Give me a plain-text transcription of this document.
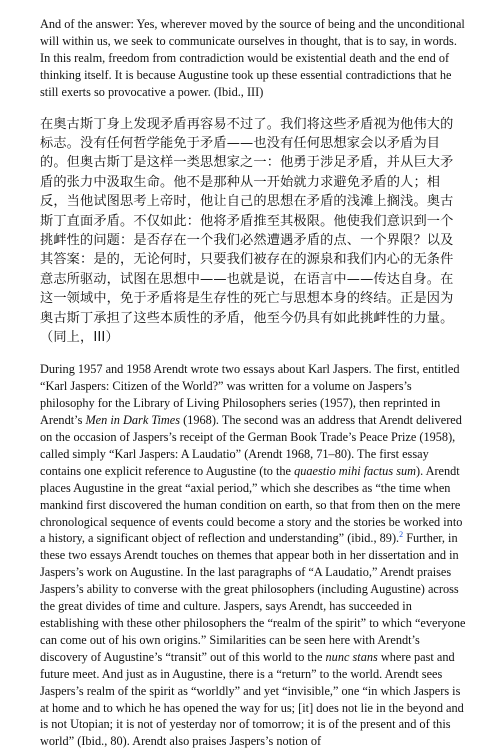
And of the answer: Yes, wherever moved by the source of being and the unconditional will within us, we seek to communicate ourselves in thought, that is to say, in words. In this realm, freedom from contradiction would be existential death and the end of thinking itself. It is because Augustine took up these essential contradictions that he still exerts so provocative a power. (Ibid., III)

在奥古斯丁身上发现矛盾再容易不过了。我们将这些矛盾视为他伟大的标志。没有任何哲学能免于矛盾——也没有任何思想家会以矛盾为目的。但奥古斯丁是这样一类思想家之一：他勇于涉足矛盾，并从巨大矛盾的张力中汲取生命。他不是那种从一开始就力求避免矛盾的人；相反，当他试图思考上帝时，他让自己的思想在矛盾的浅滩上搁浅。奥古斯丁直面矛盾。不仅如此：他将矛盾推至其极限。他使我们意识到一个挑衅性的问题：是否存在一个我们必然遭遇矛盾的点、一个界限？以及其答案：是的，无论何时，只要我们被存在的源泉和我们内心的无条件意志所驱动，试图在思想中——也就是说，在语言中——传达自身。在这一领域中，免于矛盾将是生存性的死亡与思想本身的终结。正是因为奥古斯丁承担了这些本质性的矛盾，他至今仍具有如此挑衅性的力量。（同上，III）

During 1957 and 1958 Arendt wrote two essays about Karl Jaspers. The first, entitled “Karl Jaspers: Citizen of the World?” was written for a volume on Jaspers’s philosophy for the Library of Living Philosophers series (1957), then reprinted in Arendt’s Men in Dark Times (1968). The second was an address that Arendt delivered on the occasion of Jaspers’s receipt of the German Book Trade’s Peace Prize (1958), called simply “Karl Jaspers: A Laudatio” (Arendt 1968, 71–80). The first essay contains one explicit reference to Augustine (to the quaestio mihi factus sum). Arendt places Augustine in the great “axial period,” which she describes as “the time when mankind first discovered the human condition on earth, so that from then on the mere chronological sequence of events could become a story and the stories be worked into a history, a significant object of reflection and understanding” (ibid., 89).$^2$ Further, in these two essays Arendt touches on themes that appear both in her dissertation and in Jaspers’s work on Augustine. In the last paragraphs of “A Laudatio,” Arendt praises Jaspers’s ability to converse with the great philosophers (including Augustine) across the great divides of time and culture. Jaspers, says Arendt, has succeeded in establishing with these other philosophers the “realm of the spirit” to which “everyone can come out of his own origins.” Similarities can be seen here with Arendt’s discovery of Augustine’s “transit” out of this world to the nunc stans where past and future meet. And just as in Augustine, there is a “return” to the world. Arendt sees Jaspers’s realm of the spirit as “worldly” and yet “invisible,” one “in which Jaspers is at home and to which he has opened the way for us; [it] does not lie in the beyond and is not Utopian; it is not of yesterday nor of tomorrow; it is of the present and of this world” (Ibid., 80). Arendt also praises Jaspers’s notion of
